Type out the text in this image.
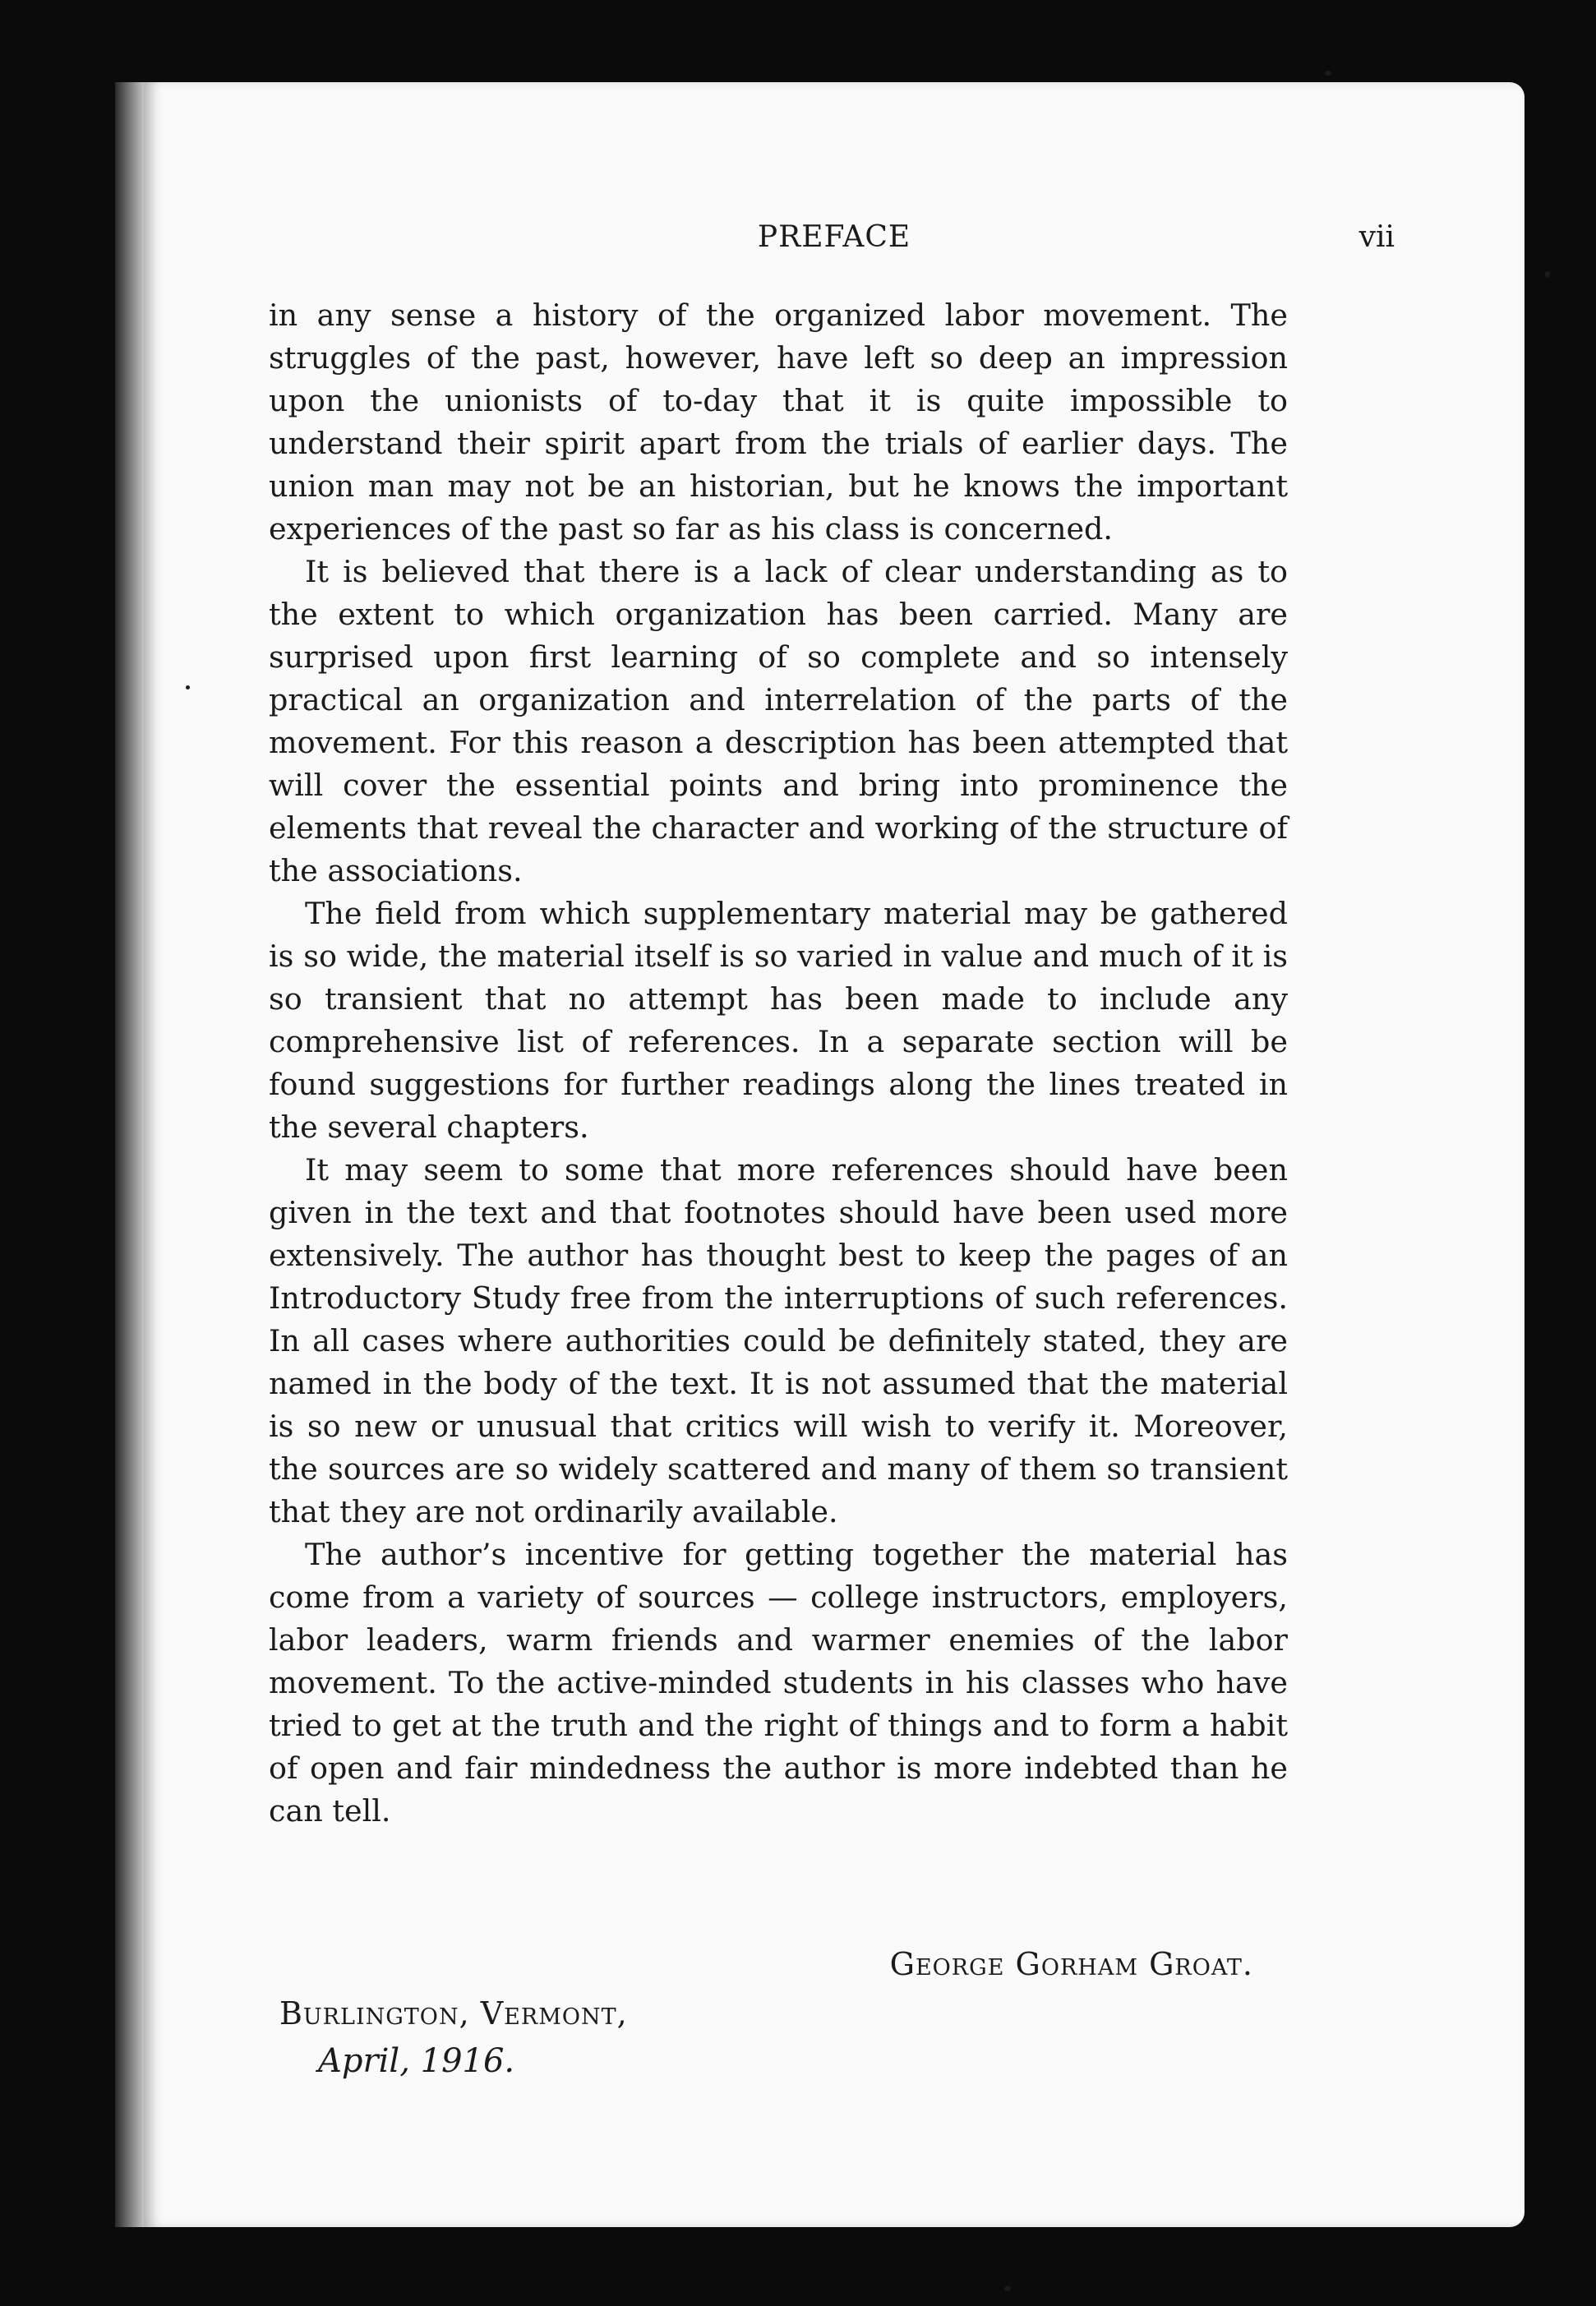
PREFACE	vii

in any sense a history of the organized labor movement. The struggles of the past, however, have left so deep an impression upon the unionists of to-day that it is quite impossible to understand their spirit apart from the trials of earlier days. The union man may not be an historian, but he knows the important experiences of the past so far as his class is concerned.

It is believed that there is a lack of clear understanding as to the extent to which organization has been carried. Many are surprised upon first learning of so complete and so intensely practical an organization and interrelation of the parts of the movement. For this reason a description has been attempted that will cover the essential points and bring into prominence the elements that reveal the character and working of the structure of the associations.

The field from which supplementary material may be gathered is so wide, the material itself is so varied in value and much of it is so transient that no attempt has been made to include any comprehensive list of references. In a separate section will be found suggestions for further readings along the lines treated in the several chapters.

It may seem to some that more references should have been given in the text and that footnotes should have been used more extensively. The author has thought best to keep the pages of an Introductory Study free from the interruptions of such references. In all cases where authorities could be definitely stated, they are named in the body of the text. It is not assumed that the material is so new or unusual that critics will wish to verify it. Moreover, the sources are so widely scattered and many of them so transient that they are not ordinarily available.

The author’s incentive for getting together the material has come from a variety of sources — college instructors, employers, labor leaders, warm friends and warmer enemies of the labor movement. To the active-minded students in his classes who have tried to get at the truth and the right of things and to form a habit of open and fair mindedness the author is more indebted than he can tell.

George Gorham Groat.
Burlington, Vermont,
April, 1916.
